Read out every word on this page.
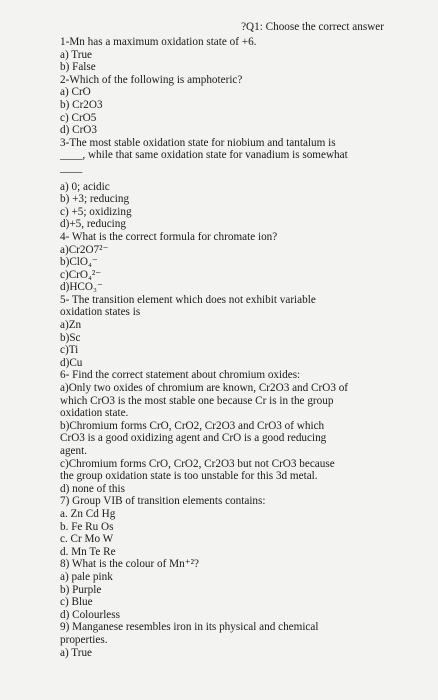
?Q1: Choose the correct answer
1-Mn has a maximum oxidation state of +6.
a) True
b) False
2-Which of the following is amphoteric?
a) CrO
b) Cr2O3
c) CrO5
d) CrO3
3-The most stable oxidation state for niobium and tantalum is
____, while that same oxidation state for vanadium is somewhat
____
a) 0; acidic
b) +3; reducing
c) +5; oxidizing
d)+5, reducing
4- What is the correct formula for chromate ion?
a)Cr2O7²⁻
b)ClO₄⁻
c)CrO₄²⁻
d)HCO₃⁻
5- The transition element which does not exhibit variable
oxidation states is
a)Zn
b)Sc
c)Ti
d)Cu
6- Find the correct statement about chromium oxides:
a)Only two oxides of chromium are known, Cr2O3 and CrO3 of
which CrO3 is the most stable one because Cr is in the group
oxidation state.
b)Chromium forms CrO, CrO2, Cr2O3 and CrO3 of which
CrO3 is a good oxidizing agent and CrO is a good reducing
agent.
c)Chromium forms CrO, CrO2, Cr2O3 but not CrO3 because
the group oxidation state is too unstable for this 3d metal.
d) none of this
7) Group VIB of transition elements contains:
a. Zn Cd Hg
b. Fe Ru Os
c. Cr Mo W
d. Mn Te Re
8) What is the colour of Mn⁺²?
a) pale pink
b) Purple
c) Blue
d) Colourless
9) Manganese resembles iron in its physical and chemical
properties.
a) True
